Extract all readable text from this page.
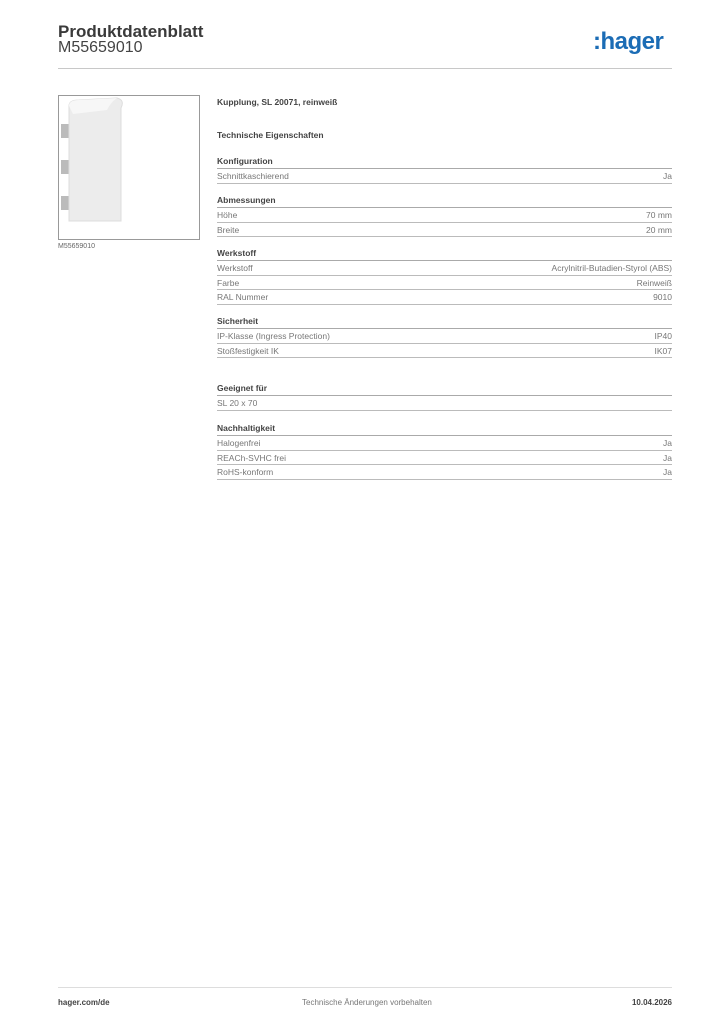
Produktdatenblatt
M55659010	:hager
M55659010
Kupplung, SL 20071, reinweiß
Technische Eigenschaften
Konfiguration
Schnittkaschierend	Ja
Abmessungen
Höhe	70 mm
Breite	20 mm
Werkstoff
Werkstoff	Acrylnitril-Butadien-Styrol (ABS)
Farbe	Reinweiß
RAL Nummer	9010
Sicherheit
IP-Klasse (Ingress Protection)	IP40
Stoßfestigkeit IK	IK07
Geeignet für
SL 20 x 70
Nachhaltigkeit
Halogenfrei	Ja
REACh-SVHC frei	Ja
RoHS-konform	Ja
hager.com/de	Technische Änderungen vorbehalten	10.04.2026
